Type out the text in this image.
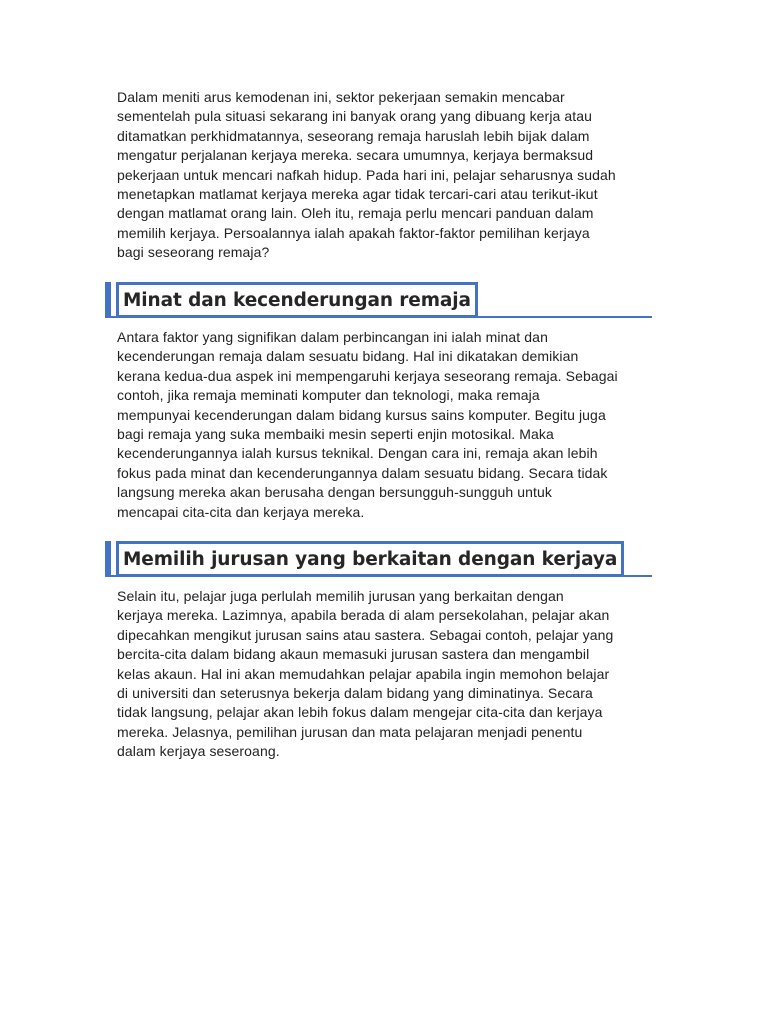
Dalam meniti arus kemodenan ini, sektor pekerjaan semakin mencabar
sementelah pula situasi sekarang ini banyak orang yang dibuang kerja atau
ditamatkan perkhidmatannya, seseorang remaja haruslah lebih bijak dalam
mengatur perjalanan kerjaya mereka. secara umumnya, kerjaya bermaksud
pekerjaan untuk mencari nafkah hidup. Pada hari ini, pelajar seharusnya sudah
menetapkan matlamat kerjaya mereka agar tidak tercari-cari atau terikut-ikut
dengan matlamat orang lain. Oleh itu, remaja perlu mencari panduan dalam
memilih kerjaya. Persoalannya ialah apakah faktor-faktor pemilihan kerjaya
bagi seseorang remaja?

Minat dan kecenderungan remaja

Antara faktor yang signifikan dalam perbincangan ini ialah minat dan
kecenderungan remaja dalam sesuatu bidang. Hal ini dikatakan demikian
kerana kedua-dua aspek ini mempengaruhi kerjaya seseorang remaja. Sebagai
contoh, jika remaja meminati komputer dan teknologi, maka remaja
mempunyai kecenderungan dalam bidang kursus sains komputer. Begitu juga
bagi remaja yang suka membaiki mesin seperti enjin motosikal. Maka
kecenderungannya ialah kursus teknikal. Dengan cara ini, remaja akan lebih
fokus pada minat dan kecenderungannya dalam sesuatu bidang. Secara tidak
langsung mereka akan berusaha dengan bersungguh-sungguh untuk
mencapai cita-cita dan kerjaya mereka.

Memilih jurusan yang berkaitan dengan kerjaya

Selain itu, pelajar juga perlulah memilih jurusan yang berkaitan dengan
kerjaya mereka. Lazimnya, apabila berada di alam persekolahan, pelajar akan
dipecahkan mengikut jurusan sains atau sastera. Sebagai contoh, pelajar yang
bercita-cita dalam bidang akaun memasuki jurusan sastera dan mengambil
kelas akaun. Hal ini akan memudahkan pelajar apabila ingin memohon belajar
di universiti dan seterusnya bekerja dalam bidang yang diminatinya. Secara
tidak langsung, pelajar akan lebih fokus dalam mengejar cita-cita dan kerjaya
mereka. Jelasnya, pemilihan jurusan dan mata pelajaran menjadi penentu
dalam kerjaya seseroang.
